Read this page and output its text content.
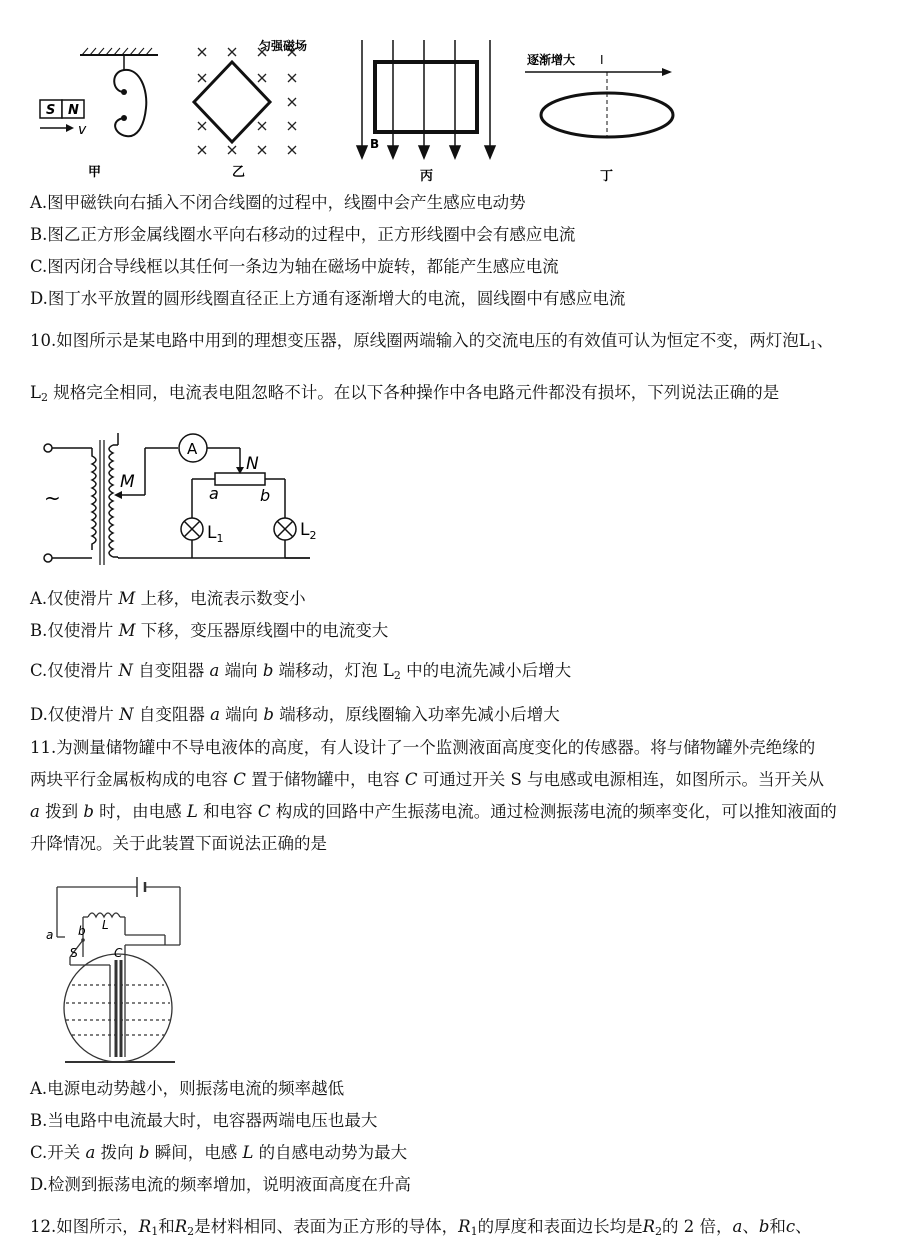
S N
v
甲
匀强磁场
乙
B
丙
逐渐增大 I
丁
A.图甲磁铁向右插入不闭合线圈的过程中，线圈中会产生感应电动势
B.图乙正方形金属线圈水平向右移动的过程中，正方形线圈中会有感应电流
C.图丙闭合导线框以其任何一条边为轴在磁场中旋转，都能产生感应电流
D.图丁水平放置的圆形线圈直径正上方通有逐渐增大的电流，圆线圈中有感应电流
10.如图所示是某电路中用到的理想变压器，原线圈两端输入的交流电压的有效值可认为恒定不变，两灯泡$L_1$、
$L_2$ 规格完全相同，电流表电阻忽略不计。在以下各种操作中各电路元件都没有损坏，下列说法正确的是
~
A
M
N
a	b
$L_1$	$L_2$
A.仅使滑片 M 上移，电流表示数变小
B.仅使滑片 M 下移，变压器原线圈中的电流变大
C.仅使滑片 N 自变阻器 a 端向 b 端移动，灯泡 $L_2$ 中的电流先减小后增大
D.仅使滑片 N 自变阻器 a 端向 b 端移动，原线圈输入功率先减小后增大
11.为测量储物罐中不导电液体的高度，有人设计了一个监测液面高度变化的传感器。将与储物罐外壳绝缘的
两块平行金属板构成的电容 C 置于储物罐中，电容 C 可通过开关 S 与电感或电源相连，如图所示。当开关从
a 拨到 b 时，由电感 L 和电容 C 构成的回路中产生振荡电流。通过检测振荡电流的频率变化，可以推知液面的
升降情况。关于此装置下面说法正确的是
a b
S
L
C
A.电源电动势越小，则振荡电流的频率越低
B.当电路中电流最大时，电容器两端电压也最大
C.开关 a 拨向 b 瞬间，电感 L 的自感电动势为最大
D.检测到振荡电流的频率增加，说明液面高度在升高
12.如图所示，$R_1$和$R_2$是材料相同、表面为正方形的导体，$R_1$的厚度和表面边长均是$R_2$的 2 倍，a、b和c、
